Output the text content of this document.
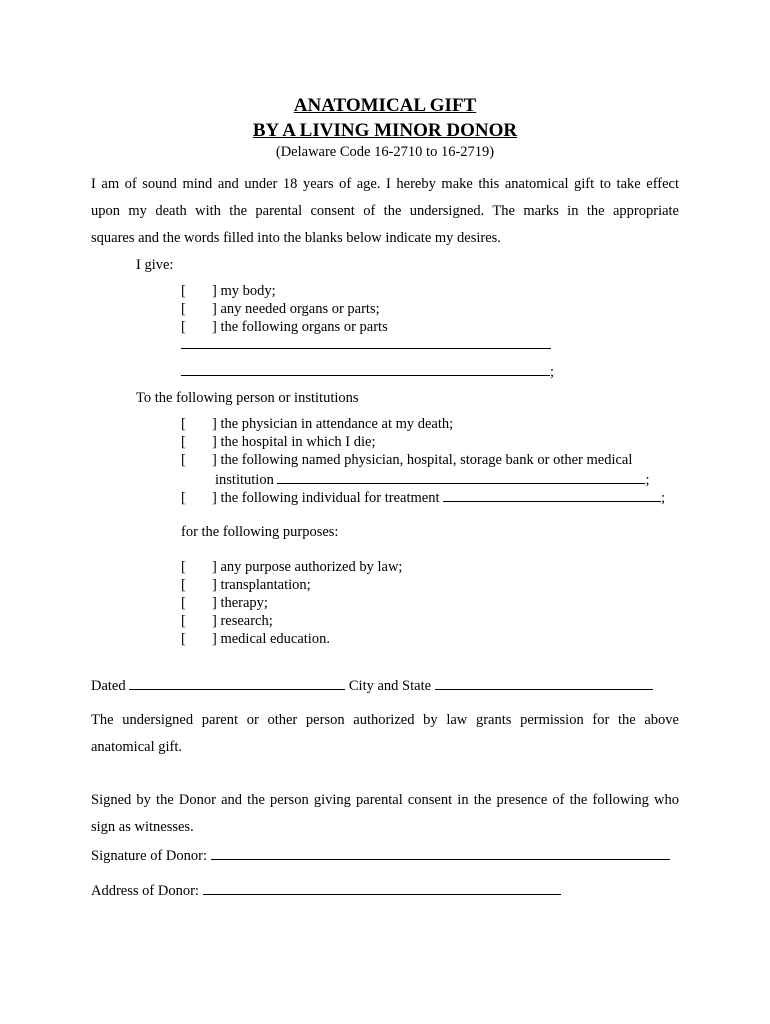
ANATOMICAL GIFT
BY A LIVING MINOR DONOR
(Delaware Code 16-2710 to 16-2719)
I am of sound mind and under 18 years of age. I hereby make this anatomical gift to take effect
upon my death with the parental consent of the undersigned. The marks in the appropriate
squares and the words filled into the blanks below indicate my desires.
I give:
[ ] my body;
[ ] any needed organs or parts;
[ ] the following organs or parts
;
To the following person or institutions
[ ] the physician in attendance at my death;
[ ] the hospital in which I die;
[ ] the following named physician, hospital, storage bank or other medical
institution	;
[ ] the following individual for treatment	;
for the following purposes:
[ ] any purpose authorized by law;
[ ] transplantation;
[ ] therapy;
[ ] research;
[ ] medical education.
Dated	City and State
The undersigned parent or other person authorized by law grants permission for the above
anatomical gift.
Signed by the Donor and the person giving parental consent in the presence of the following who
sign as witnesses.
Signature of Donor:
Address of Donor:
